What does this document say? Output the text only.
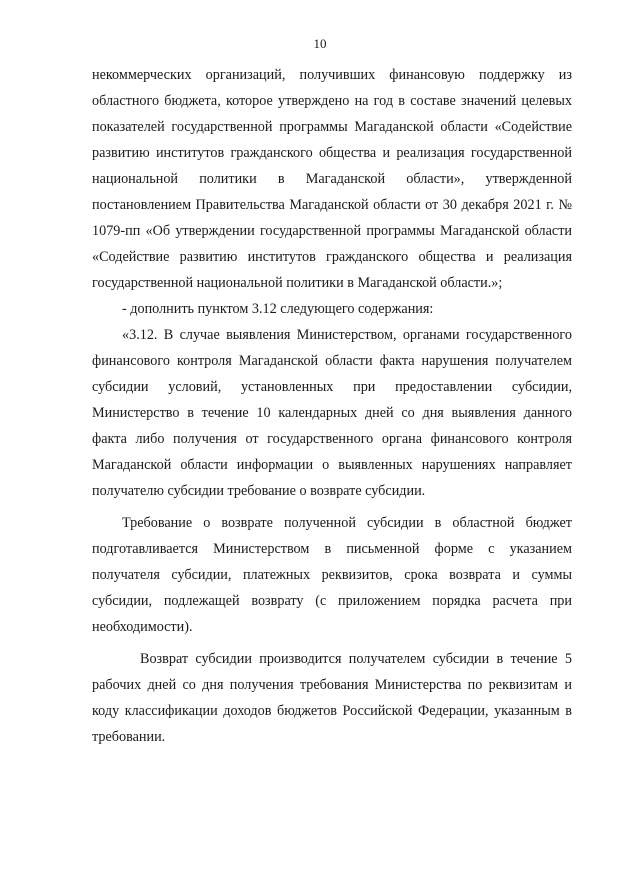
10

некоммерческих организаций, получивших финансовую поддержку из областного бюджета, которое утверждено на год в составе значений целевых показателей государственной программы Магаданской области «Содействие развитию институтов гражданского общества и реализация государственной национальной политики в Магаданской области», утвержденной постановлением Правительства Магаданской области от 30 декабря 2021 г. № 1079-пп «Об утверждении государственной программы Магаданской области «Содействие развитию институтов гражданского общества и реализация государственной национальной политики в Магаданской области.»;

- дополнить пунктом 3.12 следующего содержания:

«3.12. В случае выявления Министерством, органами государственного финансового контроля Магаданской области факта нарушения получателем субсидии условий, установленных при предоставлении субсидии, Министерство в течение 10 календарных дней со дня выявления данного факта либо получения от государственного органа финансового контроля Магаданской области информации о выявленных нарушениях направляет получателю субсидии требование о возврате субсидии.

Требование о возврате полученной субсидии в областной бюджет подготавливается Министерством в письменной форме с указанием получателя субсидии, платежных реквизитов, срока возврата и суммы субсидии, подлежащей возврату (с приложением порядка расчета при необходимости).

Возврат субсидии производится получателем субсидии в течение 5 рабочих дней со дня получения требования Министерства по реквизитам и коду классификации доходов бюджетов Российской Федерации, указанным в требовании.
